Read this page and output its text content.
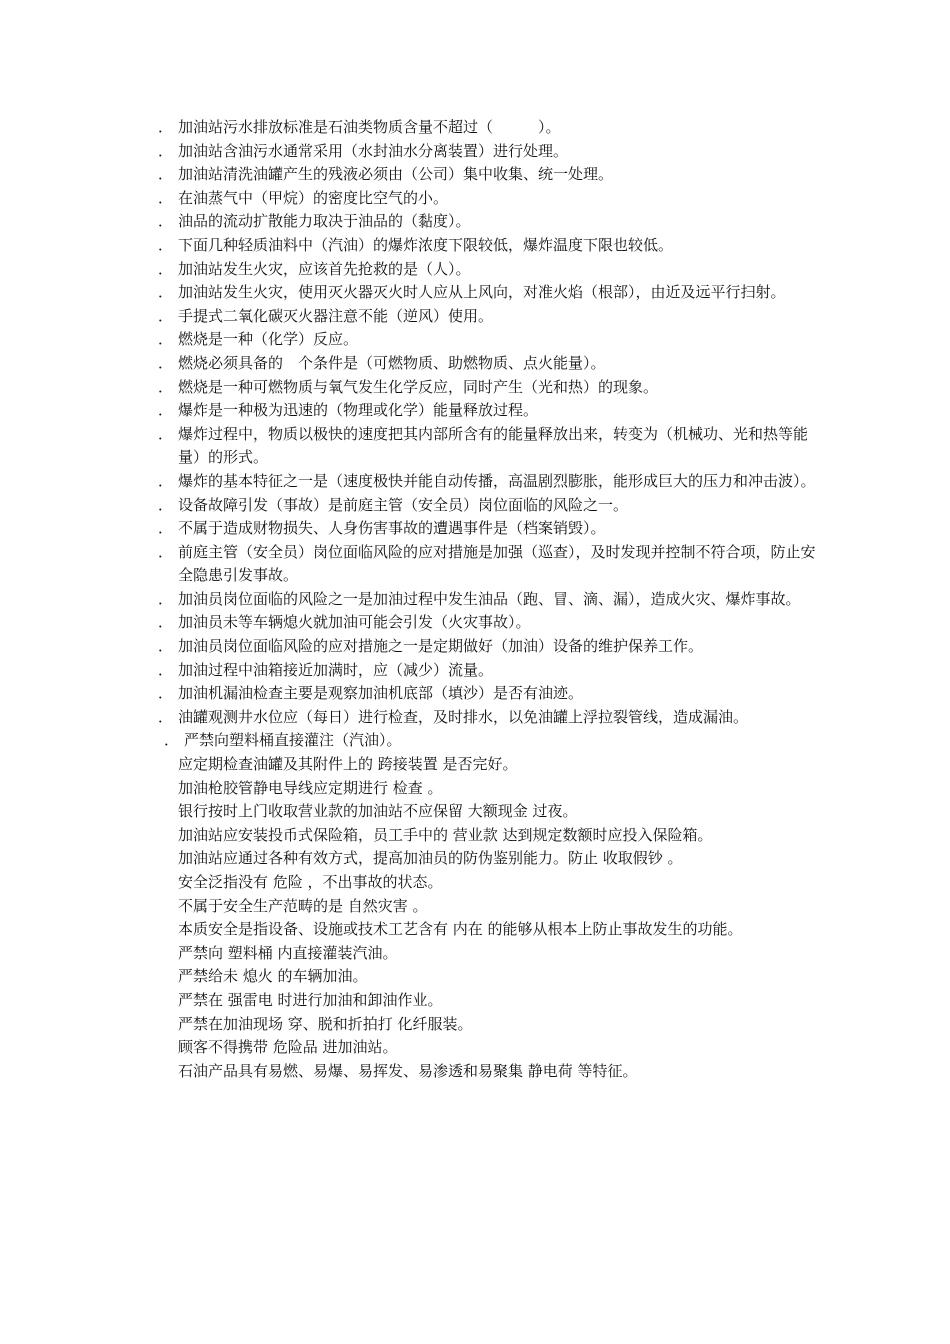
． 加油站污水排放标准是石油类物质含量不超过（　　　）。
． 加油站含油污水通常采用（水封油水分离装置）进行处理。
． 加油站清洗油罐产生的残液必须由（公司）集中收集、统一处理。
． 在油蒸气中（甲烷）的密度比空气的小。
． 油品的流动扩散能力取决于油品的（黏度）。
． 下面几种轻质油料中（汽油）的爆炸浓度下限较低，爆炸温度下限也较低。
． 加油站发生火灾，应该首先抢救的是（人）。
． 加油站发生火灾，使用灭火器灭火时人应从上风向，对准火焰（根部），由近及远平行扫射。
． 手提式二氧化碳灭火器注意不能（逆风）使用。
． 燃烧是一种（化学）反应。
． 燃烧必须具备的　个条件是（可燃物质、助燃物质、点火能量）。
． 燃烧是一种可燃物质与氧气发生化学反应，同时产生（光和热）的现象。
． 爆炸是一种极为迅速的（物理或化学）能量释放过程。
． 爆炸过程中，物质以极快的速度把其内部所含有的能量释放出来，转变为（机械功、光和热等能量）的形式。
． 爆炸的基本特征之一是（速度极快并能自动传播，高温剧烈膨胀，能形成巨大的压力和冲击波）。
． 设备故障引发（事故）是前庭主管（安全员）岗位面临的风险之一。
． 不属于造成财物损失、人身伤害事故的遭遇事件是（档案销毁）。
． 前庭主管（安全员）岗位面临风险的应对措施是加强（巡查），及时发现并控制不符合项，防止安全隐患引发事故。
． 加油员岗位面临的风险之一是加油过程中发生油品（跑、冒、滴、漏），造成火灾、爆炸事故。
． 加油员未等车辆熄火就加油可能会引发（火灾事故）。
． 加油员岗位面临风险的应对措施之一是定期做好（加油）设备的维护保养工作。
． 加油过程中油箱接近加满时，应（减少）流量。
． 加油机漏油检查主要是观察加油机底部（填沙）是否有油迹。
． 油罐观测井水位应（每日）进行检查，及时排水，以免油罐上浮拉裂管线，造成漏油。
． 严禁向塑料桶直接灌注（汽油）。
应定期检查油罐及其附件上的 跨接装置 是否完好。
加油枪胶管静电导线应定期进行 检查 。
银行按时上门收取营业款的加油站不应保留 大额现金 过夜。
加油站应安装投币式保险箱，员工手中的 营业款 达到规定数额时应投入保险箱。
加油站应通过各种有效方式，提高加油员的防伪鉴别能力。防止 收取假钞 。
安全泛指没有 危险 ，不出事故的状态。
不属于安全生产范畴的是 自然灾害 。
本质安全是指设备、设施或技术工艺含有 内在 的能够从根本上防止事故发生的功能。
严禁向 塑料桶 内直接灌装汽油。
严禁给未 熄火 的车辆加油。
严禁在 强雷电 时进行加油和卸油作业。
严禁在加油现场 穿、脱和折拍打 化纤服装。
顾客不得携带 危险品 进加油站。
石油产品具有易燃、易爆、易挥发、易渗透和易聚集 静电荷 等特征。
